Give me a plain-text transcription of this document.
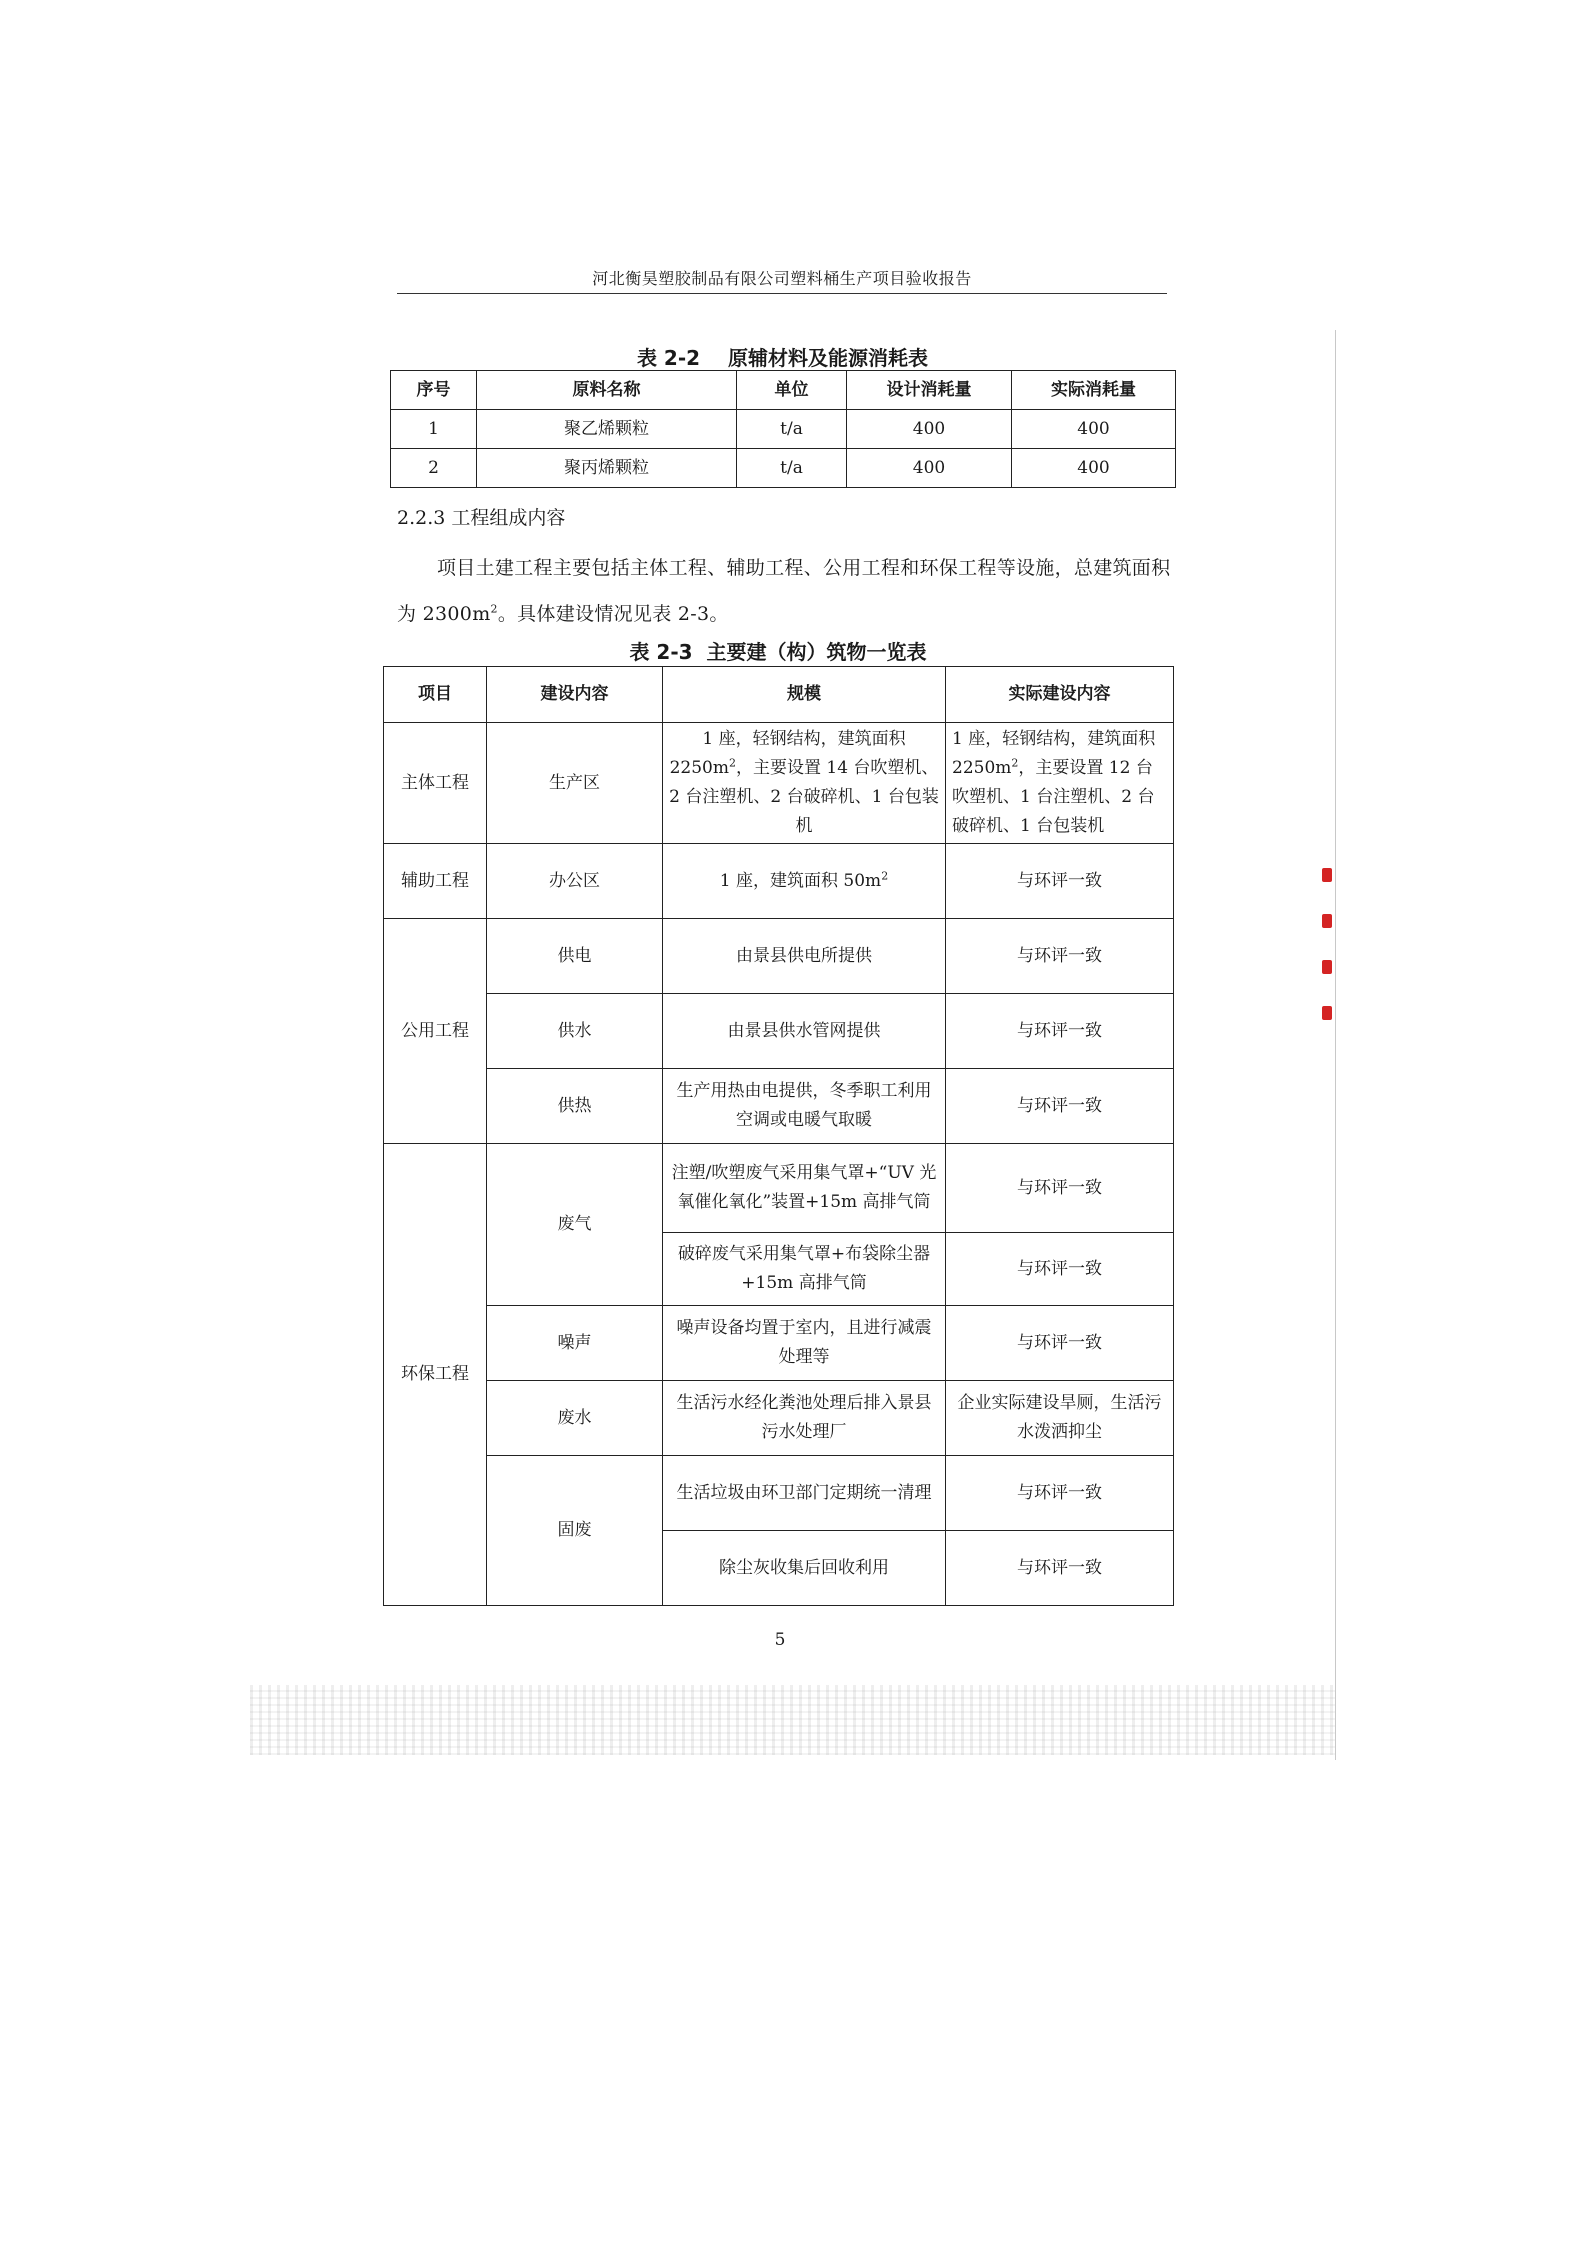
河北衡昊塑胶制品有限公司塑料桶生产项目验收报告
表 2-2 原辅材料及能源消耗表
序号	原料名称	单位	设计消耗量	实际消耗量
1	聚乙烯颗粒	t/a	400	400
2	聚丙烯颗粒	t/a	400	400
2.2.3 工程组成内容
项目土建工程主要包括主体工程、辅助工程、公用工程和环保工程等设施，总建筑面积为 $2300m^2$。具体建设情况见表 2-3。
表 2-3 主要建（构）筑物一览表
项目	建设内容	规模	实际建设内容
主体工程	生产区	1 座，轻钢结构，建筑面积 $2250m^2$，主要设置 14 台吹塑机、2 台注塑机、2 台破碎机、1 台包装机	1 座，轻钢结构，建筑面积 $2250m^2$，主要设置 12 台吹塑机、1 台注塑机、2 台破碎机、1 台包装机
辅助工程	办公区	1 座，建筑面积 $50m^2$	与环评一致
公用工程	供电	由景县供电所提供	与环评一致
	供水	由景县供水管网提供	与环评一致
	供热	生产用热由电提供，冬季职工利用空调或电暖气取暖	与环评一致
环保工程	废气	注塑/吹塑废气采用集气罩+“UV 光氧催化氧化”装置+15m 高排气筒	与环评一致
		破碎废气采用集气罩+布袋除尘器+15m 高排气筒	与环评一致
	噪声	噪声设备均置于室内，且进行减震处理等	与环评一致
	废水	生活污水经化粪池处理后排入景县污水处理厂	企业实际建设旱厕，生活污水泼洒抑尘
	固废	生活垃圾由环卫部门定期统一清理	与环评一致
		除尘灰收集后回收利用	与环评一致
5
